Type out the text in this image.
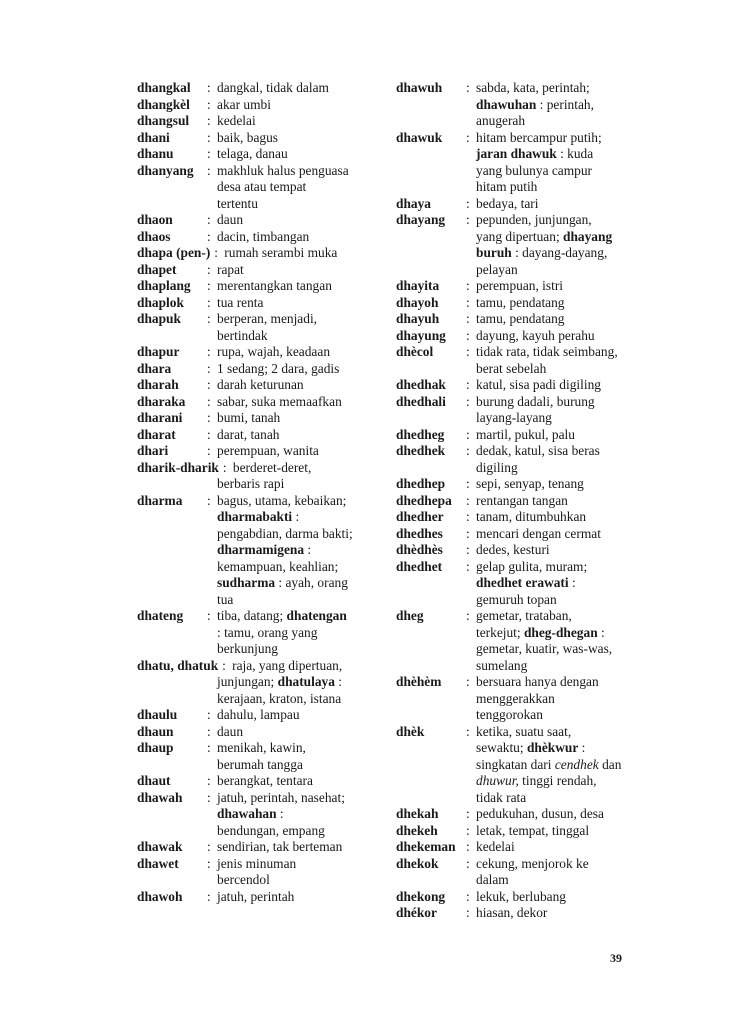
dhangkal : dangkal, tidak dalam
dhangkèl : akar umbi
dhangsul : kedelai
dhani	: baik, bagus
dhanu	: telaga, danau
dhanyang : makhluk halus penguasa
desa atau tempat
tertentu
dhaon	: daun
dhaos	: dacin, timbangan
dhapa (pen-) : rumah serambi muka
dhapet : rapat
dhaplang : merentangkan tangan
dhaplok : tua renta
dhapuk : berperan, menjadi,
bertindak
dhapur : rupa, wajah, keadaan
dhara	: 1 sedang; 2 dara, gadis
dharah : darah keturunan
dharaka : sabar, suka memaafkan
dharani : bumi, tanah
dharat : darat, tanah
dhari	: perempuan, wanita
dharik-dharik : berderet-deret,
berbaris rapi
dharma : bagus, utama, kebaikan;
dharmabakti :
pengabdian, darma bakti;
dharmamigena :
kemampuan, keahlian;
sudharma : ayah, orang
tua
dhateng : tiba, datang; dhatengan
: tamu, orang yang
berkunjung
dhatu, dhatuk : raja, yang dipertuan,
junjungan; dhatulaya :
kerajaan, kraton, istana
dhaulu : dahulu, lampau
dhaun	: daun
dhaup	: menikah, kawin,
berumah tangga
dhaut	: berangkat, tentara
dhawah : jatuh, perintah, nasehat;
dhawahan :
bendungan, empang
dhawak : sendirian, tak berteman
dhawet : jenis minuman
bercendol
dhawoh : jatuh, perintah
dhawuh : sabda, kata, perintah;
dhawuhan : perintah,
anugerah
dhawuk : hitam bercampur putih;
jaran dhawuk : kuda
yang bulunya campur
hitam putih
dhaya	: bedaya, tari
dhayang : pepunden, junjungan,
yang dipertuan; dhayang
buruh : dayang-dayang,
pelayan
dhayita : perempuan, istri
dhayoh : tamu, pendatang
dhayuh : tamu, pendatang
dhayung : dayung, kayuh perahu
dhècol : tidak rata, tidak seimbang,
berat sebelah
dhedhak : katul, sisa padi digiling
dhedhali : burung dadali, burung
layang-layang
dhedheg : martil, pukul, palu
dhedhek : dedak, katul, sisa beras
digiling
dhedhep : sepi, senyap, tenang
dhedhepa : rentangan tangan
dhedher : tanam, ditumbuhkan
dhedhes : mencari dengan cermat
dhèdhès : dedes, kesturi
dhedhet : gelap gulita, muram;
dhedhet erawati :
gemuruh topan
dheg	: gemetar, trataban,
terkejut; dheg-dhegan :
gemetar, kuatir, was-was,
sumelang
dhèhèm : bersuara hanya dengan
menggerakkan
tenggorokan
dhèk	: ketika, suatu saat,
sewaktu; dhèkwur :
singkatan dari cendhek dan
dhuwur, tinggi rendah,
tidak rata
dhekah : pedukuhan, dusun, desa
dhekeh : letak, tempat, tinggal
dhekeman : kedelai
dhekok : cekung, menjorok ke
dalam
dhekong : lekuk, berlubang
dhékor : hiasan, dekor
39
